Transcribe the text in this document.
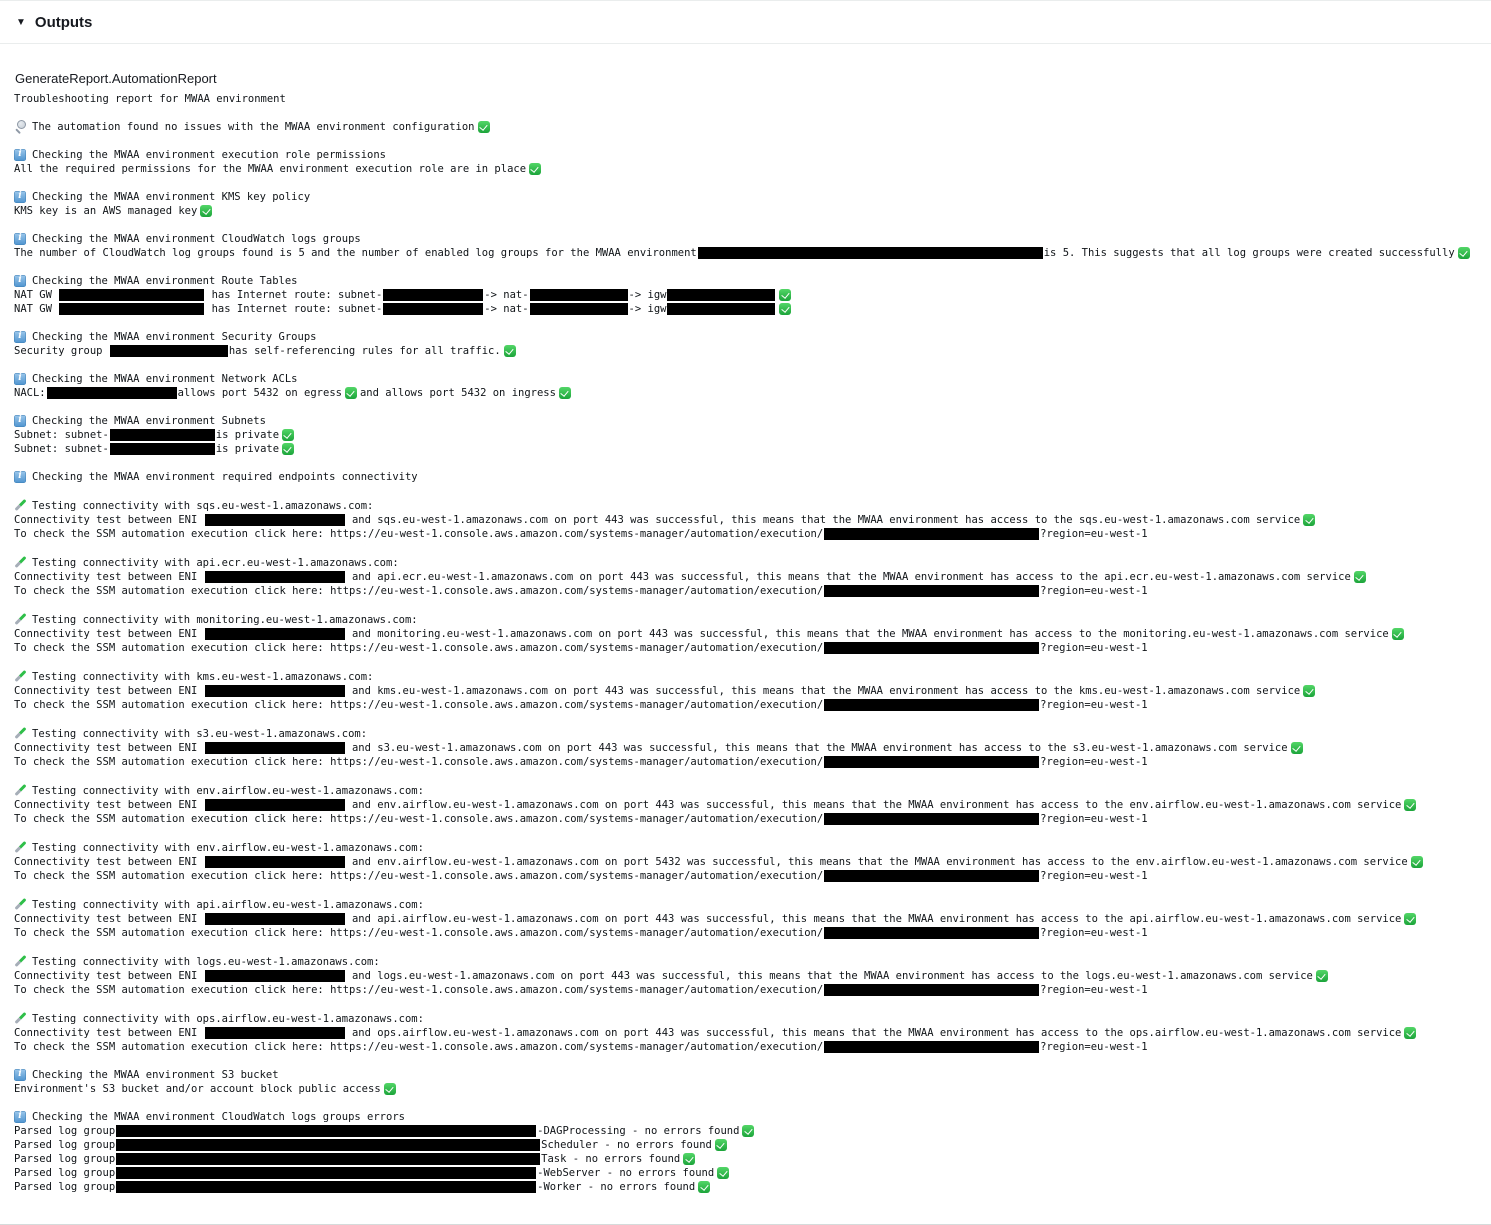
▼ Outputs
GenerateReport.AutomationReport
Troubleshooting report for MWAA environment
The automation found no issues with the MWAA environment configuration
iChecking the MWAA environment execution role permissions
All the required permissions for the MWAA environment execution role are in place
iChecking the MWAA environment KMS key policy
KMS key is an AWS managed key
iChecking the MWAA environment CloudWatch logs groups
The number of CloudWatch log groups found is 5 and the number of enabled log groups for the MWAA environment	is 5. This suggests that all log groups were created successfully
iChecking the MWAA environment Route Tables
NAT GW	has Internet route: subnet-	-> nat-	-> igw
NAT GW	has Internet route: subnet-	-> nat-	-> igw
iChecking the MWAA environment Security Groups
Security group	has self-referencing rules for all traffic.
iChecking the MWAA environment Network ACLs
NACL:	allows port 5432 on egress and allows port 5432 on ingress
iChecking the MWAA environment Subnets
Subnet: subnet-	is private
Subnet: subnet-	is private
iChecking the MWAA environment required endpoints connectivity
Testing connectivity with sqs.eu-west-1.amazonaws.com:
Connectivity test between ENI	and sqs.eu-west-1.amazonaws.com on port 443 was successful, this means that the MWAA environment has access to the sqs.eu-west-1.amazonaws.com service
To check the SSM automation execution click here: https://eu-west-1.console.aws.amazon.com/systems-manager/automation/execution/	?region=eu-west-1
Testing connectivity with api.ecr.eu-west-1.amazonaws.com:
Connectivity test between ENI	and api.ecr.eu-west-1.amazonaws.com on port 443 was successful, this means that the MWAA environment has access to the api.ecr.eu-west-1.amazonaws.com service
To check the SSM automation execution click here: https://eu-west-1.console.aws.amazon.com/systems-manager/automation/execution/	?region=eu-west-1
Testing connectivity with monitoring.eu-west-1.amazonaws.com:
Connectivity test between ENI	and monitoring.eu-west-1.amazonaws.com on port 443 was successful, this means that the MWAA environment has access to the monitoring.eu-west-1.amazonaws.com service
To check the SSM automation execution click here: https://eu-west-1.console.aws.amazon.com/systems-manager/automation/execution/	?region=eu-west-1
Testing connectivity with kms.eu-west-1.amazonaws.com:
Connectivity test between ENI	and kms.eu-west-1.amazonaws.com on port 443 was successful, this means that the MWAA environment has access to the kms.eu-west-1.amazonaws.com service
To check the SSM automation execution click here: https://eu-west-1.console.aws.amazon.com/systems-manager/automation/execution/	?region=eu-west-1
Testing connectivity with s3.eu-west-1.amazonaws.com:
Connectivity test between ENI	and s3.eu-west-1.amazonaws.com on port 443 was successful, this means that the MWAA environment has access to the s3.eu-west-1.amazonaws.com service
To check the SSM automation execution click here: https://eu-west-1.console.aws.amazon.com/systems-manager/automation/execution/	?region=eu-west-1
Testing connectivity with env.airflow.eu-west-1.amazonaws.com:
Connectivity test between ENI	and env.airflow.eu-west-1.amazonaws.com on port 443 was successful, this means that the MWAA environment has access to the env.airflow.eu-west-1.amazonaws.com service
To check the SSM automation execution click here: https://eu-west-1.console.aws.amazon.com/systems-manager/automation/execution/	?region=eu-west-1
Testing connectivity with env.airflow.eu-west-1.amazonaws.com:
Connectivity test between ENI	and env.airflow.eu-west-1.amazonaws.com on port 5432 was successful, this means that the MWAA environment has access to the env.airflow.eu-west-1.amazonaws.com service
To check the SSM automation execution click here: https://eu-west-1.console.aws.amazon.com/systems-manager/automation/execution/	?region=eu-west-1
Testing connectivity with api.airflow.eu-west-1.amazonaws.com:
Connectivity test between ENI	and api.airflow.eu-west-1.amazonaws.com on port 443 was successful, this means that the MWAA environment has access to the api.airflow.eu-west-1.amazonaws.com service
To check the SSM automation execution click here: https://eu-west-1.console.aws.amazon.com/systems-manager/automation/execution/	?region=eu-west-1
Testing connectivity with logs.eu-west-1.amazonaws.com:
Connectivity test between ENI	and logs.eu-west-1.amazonaws.com on port 443 was successful, this means that the MWAA environment has access to the logs.eu-west-1.amazonaws.com service
To check the SSM automation execution click here: https://eu-west-1.console.aws.amazon.com/systems-manager/automation/execution/	?region=eu-west-1
Testing connectivity with ops.airflow.eu-west-1.amazonaws.com:
Connectivity test between ENI	and ops.airflow.eu-west-1.amazonaws.com on port 443 was successful, this means that the MWAA environment has access to the ops.airflow.eu-west-1.amazonaws.com service
To check the SSM automation execution click here: https://eu-west-1.console.aws.amazon.com/systems-manager/automation/execution/	?region=eu-west-1
iChecking the MWAA environment S3 bucket
Environment's S3 bucket and/or account block public access
iChecking the MWAA environment CloudWatch logs groups errors
Parsed log group	-DAGProcessing - no errors found
Parsed log group	Scheduler - no errors found
Parsed log group	Task - no errors found
Parsed log group	-WebServer - no errors found
Parsed log group	-Worker - no errors found
